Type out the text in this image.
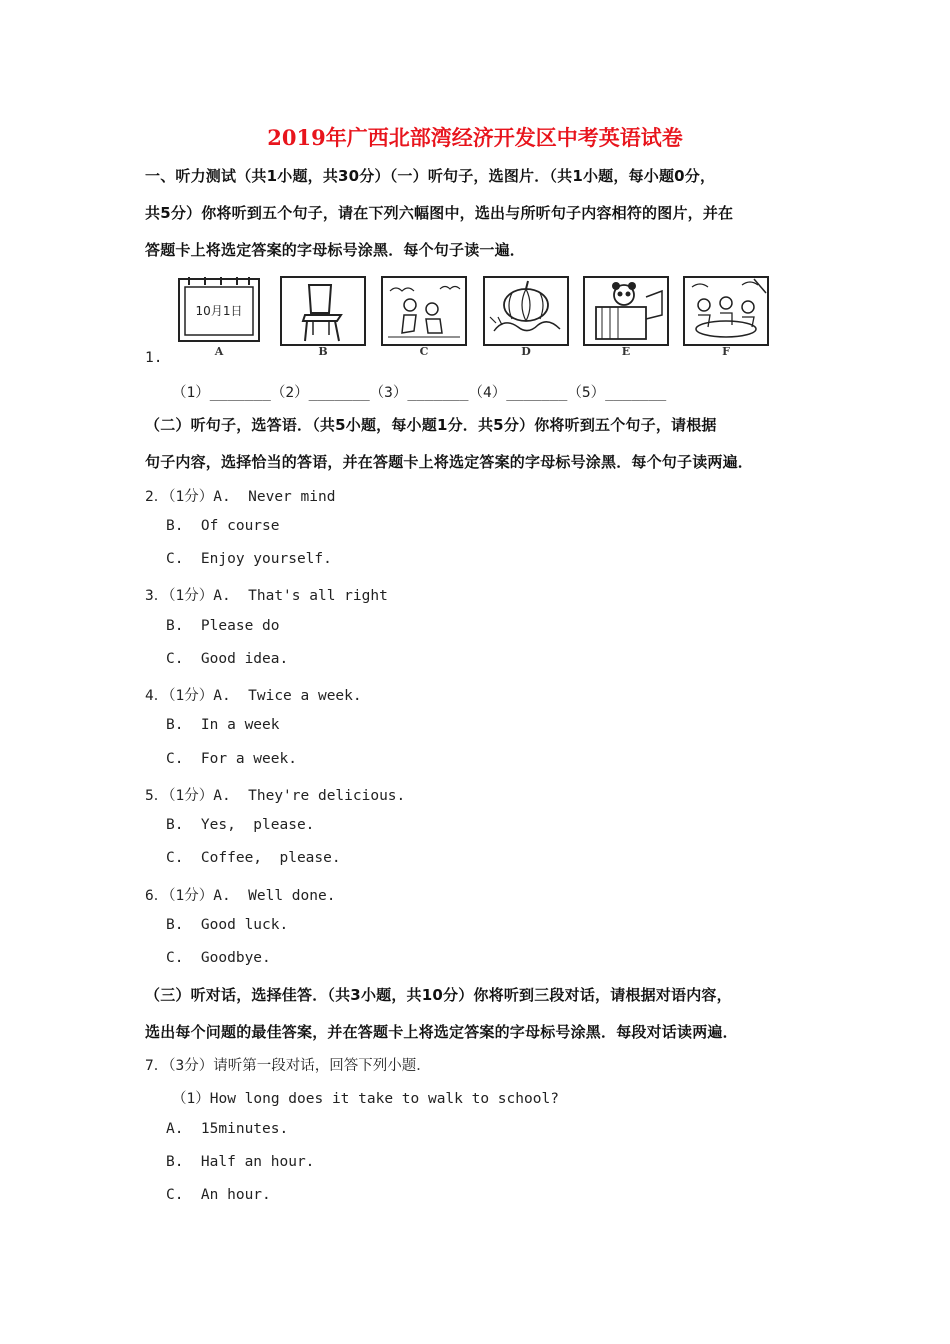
2019年广西北部湾经济开发区中考英语试卷
一、听力测试（共1小题，共30分）（一）听句子，选图片．（共1小题，每小题0分，
共5分）你将听到五个句子，请在下列六幅图中，选出与所听句子内容相符的图片，并在
答题卡上将选定答案的字母标号涂黑．每个句子读一遍．
10月1日
A	B	C	D	E	F
1.
（1）_______（2）_______（3）_______（4）_______（5）_______
（二）听句子，选答语．（共5小题，每小题1分．共5分）你将听到五个句子，请根据
句子内容，选择恰当的答语，并在答题卡上将选定答案的字母标号涂黑．每个句子读两遍．
2．（1分）A.  Never mind
B.  Of course
C.  Enjoy yourself.
3．（1分）A.  That's all right
B.  Please do
C.  Good idea.
4．（1分）A.  Twice a week.
B.  In a week
C.  For a week.
5．（1分）A.  They're delicious.
B.  Yes,  please.
C.  Coffee,  please.
6．（1分）A.  Well done.
B.  Good luck.
C.  Goodbye.
（三）听对话，选择佳答．（共3小题，共10分）你将听到三段对话，请根据对语内容，
选出每个问题的最佳答案，并在答题卡上将选定答案的字母标号涂黑．每段对话读两遍．
7．（3分）请听第一段对话，回答下列小题．
（1）How long does it take to walk to school?
A.  15minutes.
B.  Half an hour.
C.  An hour.
